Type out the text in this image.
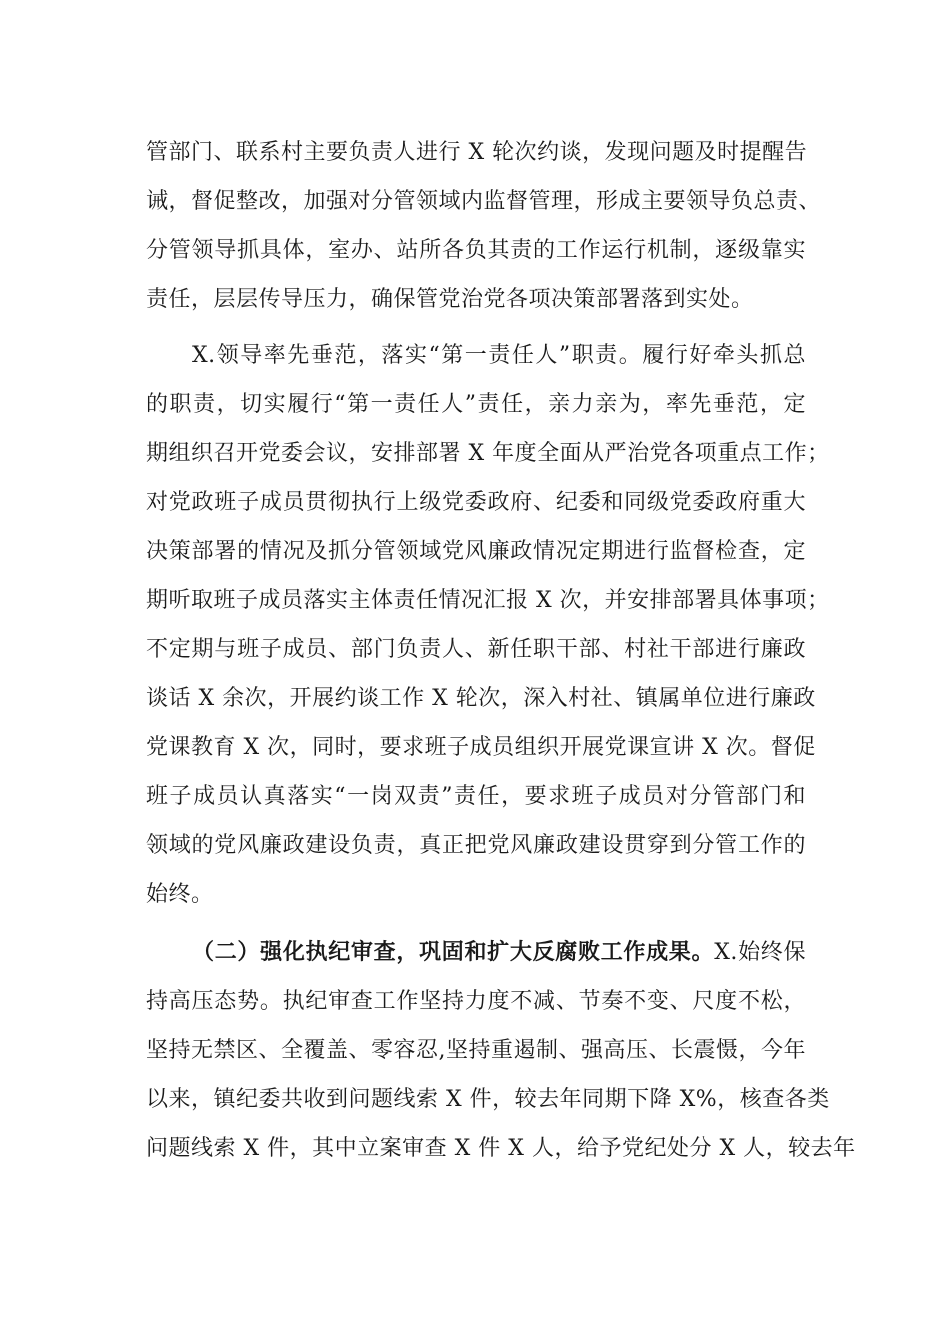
管部门、联系村主要负责人进行 X 轮次约谈，发现问题及时提醒告
诫，督促整改，加强对分管领域内监督管理，形成主要领导负总责、
分管领导抓具体，室办、站所各负其责的工作运行机制，逐级靠实
责任，层层传导压力，确保管党治党各项决策部署落到实处。
X.领导率先垂范，落实“第一责任人”职责。履行好牵头抓总
的职责，切实履行“第一责任人”责任，亲力亲为，率先垂范，定
期组织召开党委会议，安排部署 X 年度全面从严治党各项重点工作；
对党政班子成员贯彻执行上级党委政府、纪委和同级党委政府重大
决策部署的情况及抓分管领域党风廉政情况定期进行监督检查，定
期听取班子成员落实主体责任情况汇报 X 次，并安排部署具体事项；
不定期与班子成员、部门负责人、新任职干部、村社干部进行廉政
谈话 X 余次，开展约谈工作 X 轮次，深入村社、镇属单位进行廉政
党课教育 X 次，同时，要求班子成员组织开展党课宣讲 X 次。督促
班子成员认真落实“一岗双责”责任，要求班子成员对分管部门和
领域的党风廉政建设负责，真正把党风廉政建设贯穿到分管工作的
始终。
（二）强化执纪审查，巩固和扩大反腐败工作成果。X.始终保
持高压态势。执纪审查工作坚持力度不减、节奏不变、尺度不松，
坚持无禁区、全覆盖、零容忍,坚持重遏制、强高压、长震慑，今年
以来，镇纪委共收到问题线索 X 件，较去年同期下降 X%，核查各类
问题线索 X 件，其中立案审查 X 件 X 人，给予党纪处分 X 人，较去年
